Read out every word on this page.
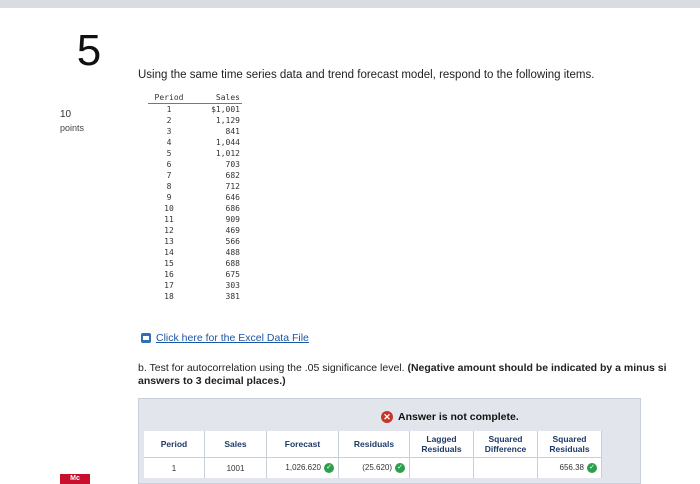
5
10
points
Using the same time series data and trend forecast model, respond to the following items.
Period	Sales
1	$1,001
2	1,129
3	841
4	1,044
5	1,012
6	703
7	682
8	712
9	646
10	686
11	909
12	469
13	566
14	488
15	688
16	675
17	303
18	381
Click here for the Excel Data File
b. Test for autocorrelation using the .05 significance level. (Negative amount should be indicated by a minus si
answers to 3 decimal places.)
✕ Answer is not complete.
Period	Sales	Forecast	Residuals	Lagged Residuals	Squared Difference	Squared Residuals
1	1001	1,026.620 ✓	(25.620) ✓			656.38 ✓
Mc
